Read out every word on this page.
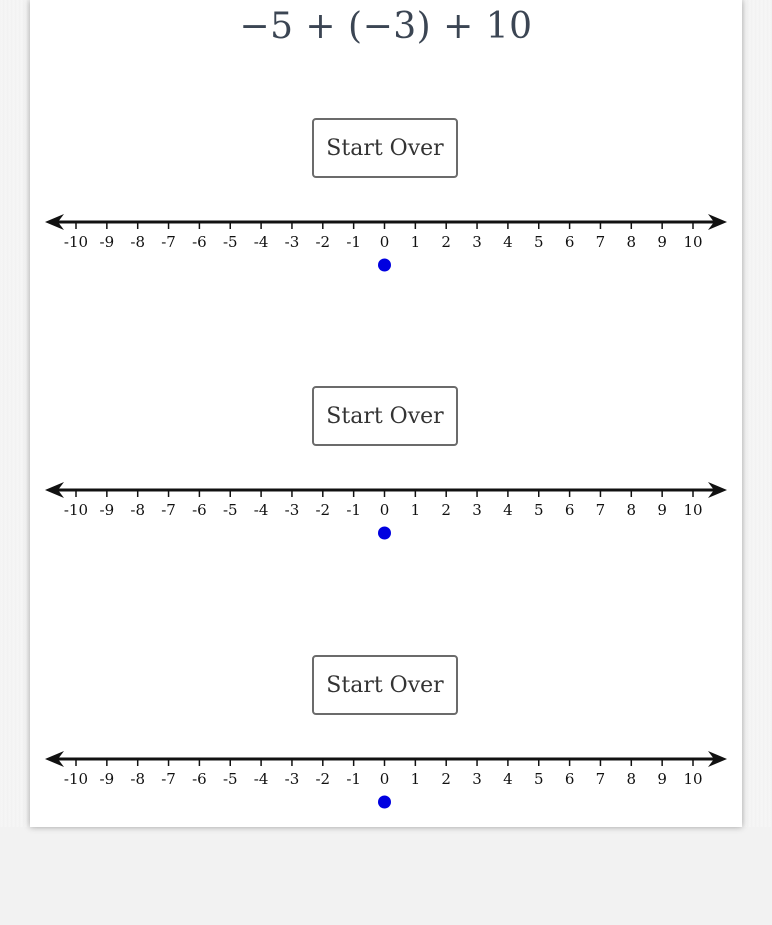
−5 + (−3) + 10
Start Over
-10 -9 -8 -7 -6 -5 -4 -3 -2 -1 0 1 2 3 4 5 6 7 8 9 10
Start Over
-10 -9 -8 -7 -6 -5 -4 -3 -2 -1 0 1 2 3 4 5 6 7 8 9 10
Start Over
-10 -9 -8 -7 -6 -5 -4 -3 -2 -1 0 1 2 3 4 5 6 7 8 9 10
